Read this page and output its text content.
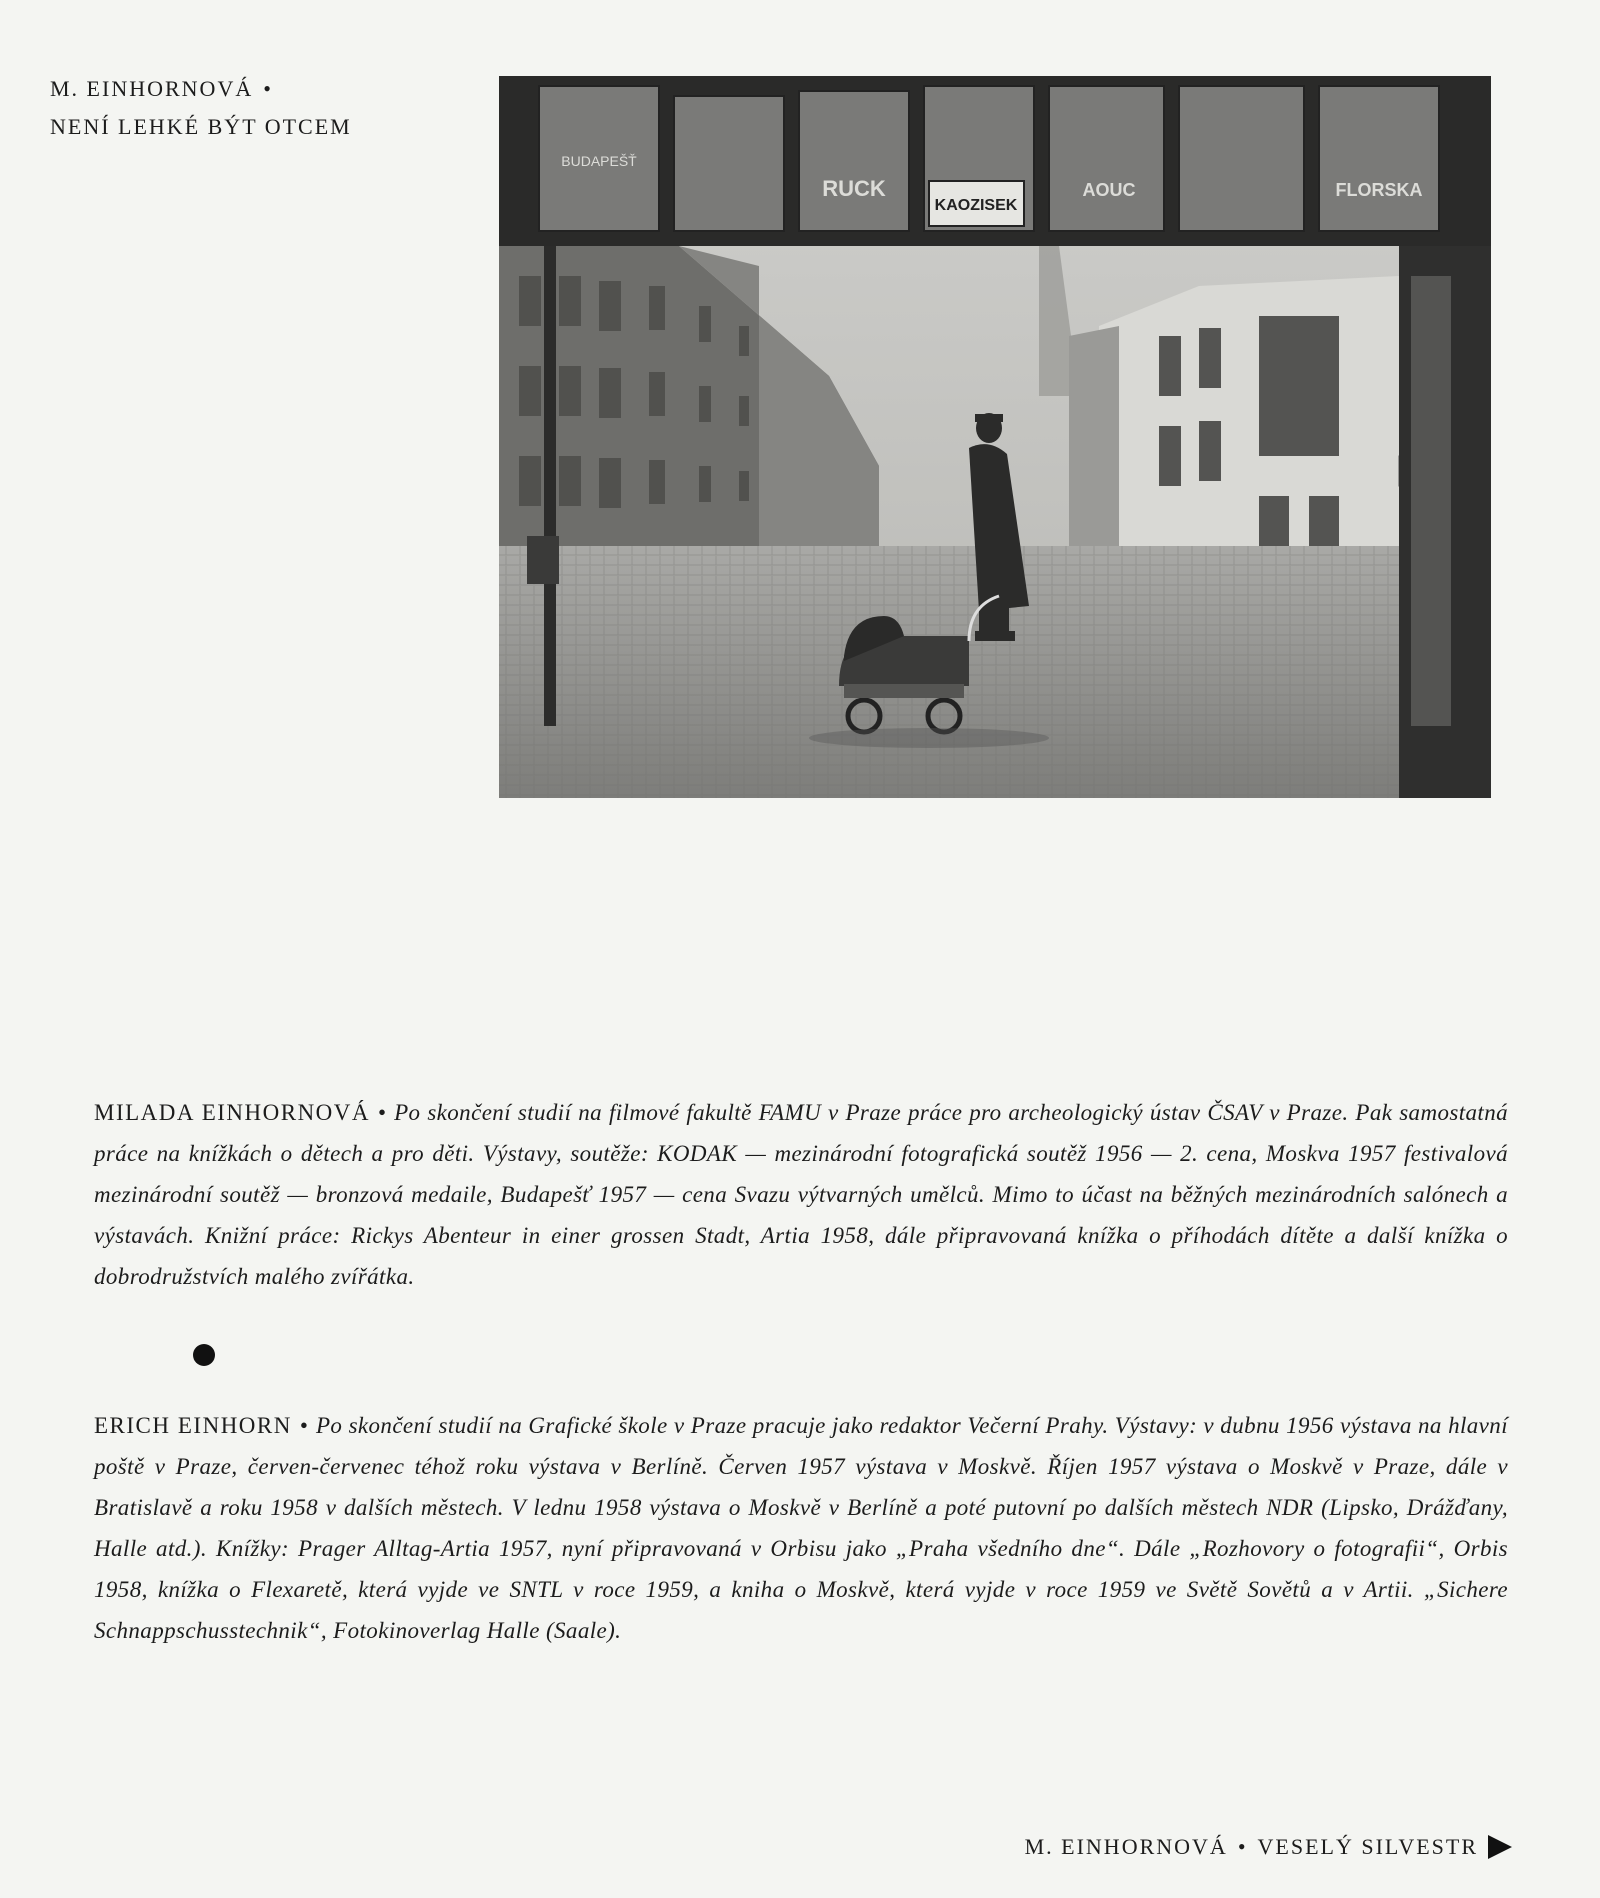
M. EINHORNOVÁ •
NENÍ LEHKÉ BÝT OTCEM
KAOZISEK
RUCK	FLORSKA
AOUC
BUDAPEŠŤ
MILADA EINHORNOVÁ • Po skončení studií na filmové fakultě FAMU v Praze práce pro archeologický ústav ČSAV v Praze. Pak samostatná práce na knížkách o dětech a pro děti. Výstavy, soutěže: KODAK — mezinárodní fotografická soutěž 1956 — 2. cena, Moskva 1957 festivalová mezinárodní soutěž — bronzová medaile, Budapešť 1957 — cena Svazu výtvarných umělců. Mimo to účast na běžných mezinárodních salónech a výstavách. Knižní práce: Rickys Abenteur in einer grossen Stadt, Artia 1958, dále připravovaná knížka o příhodách dítěte a další knížka o dobrodružstvích malého zvířátka.
ERICH EINHORN • Po skončení studií na Grafické škole v Praze pracuje jako redaktor Večerní Prahy. Výstavy: v dubnu 1956 výstava na hlavní poště v Praze, červen-červenec téhož roku výstava v Berlíně. Červen 1957 výstava v Moskvě. Říjen 1957 výstava o Moskvě v Praze, dále v Bratislavě a roku 1958 v dalších městech. V lednu 1958 výstava o Moskvě v Berlíně a poté putovní po dalších městech NDR (Lipsko, Drážďany, Halle atd.). Knížky: Prager Alltag-Artia 1957, nyní připravovaná v Orbisu jako „Praha všedního dne“. Dále „Rozhovory o fotografii“, Orbis 1958, knížka o Flexaretě, která vyjde ve SNTL v roce 1959, a kniha o Moskvě, která vyjde v roce 1959 ve Světě Sovětů a v Artii. „Sichere Schnappschusstechnik“, Fotokinoverlag Halle (Saale).
M. EINHORNOVÁ • VESELÝ SILVESTR
